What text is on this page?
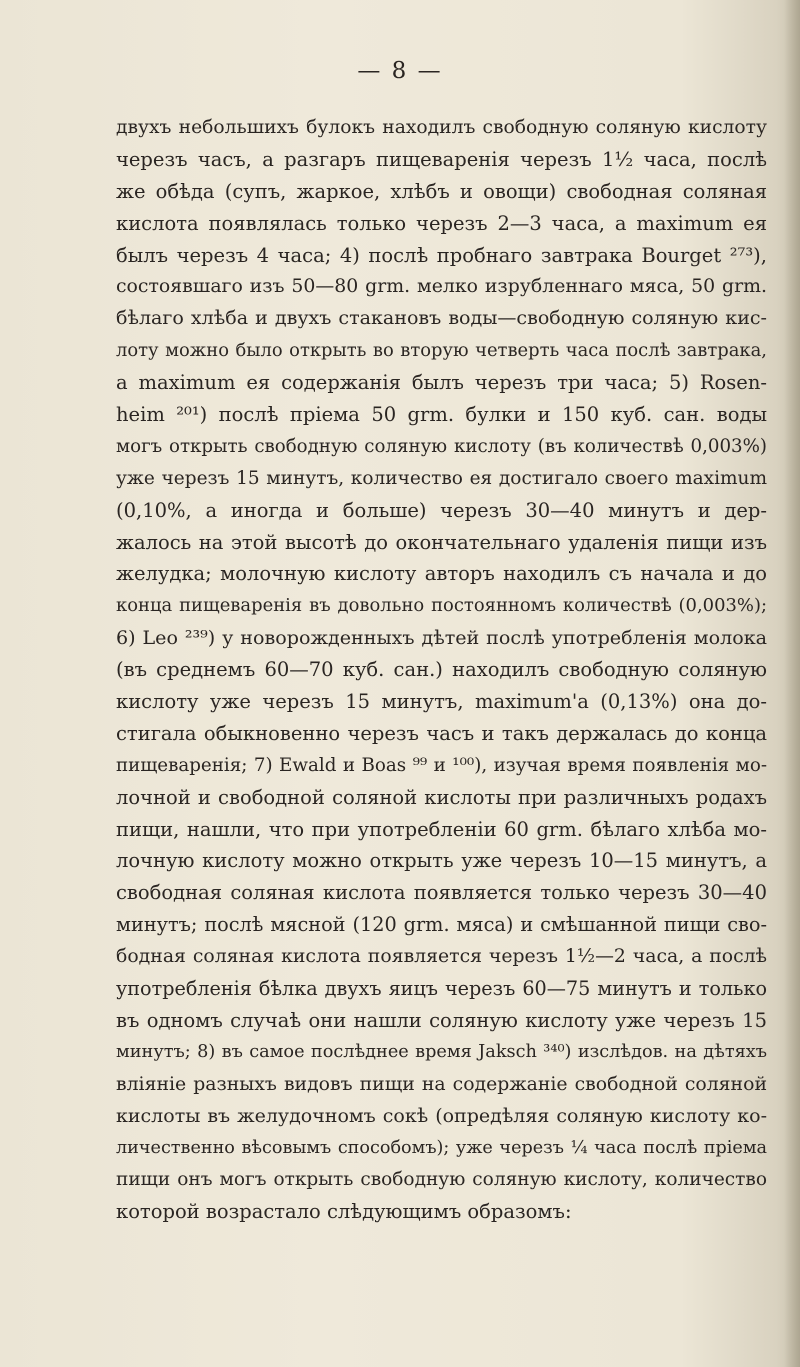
— 8 —
двухъ небольшихъ булокъ находилъ свободную соляную кислоту
черезъ часъ, а разгаръ пищеваренія черезъ 1½ часа, послѣ
же обѣда (супъ, жаркое, хлѣбъ и овощи) свободная соляная
кислота появлялась только черезъ 2—3 часа, а maximum ея
былъ черезъ 4 часа; 4) послѣ пробнаго завтрака Bourget ²⁷³),
состоявшаго изъ 50—80 grm. мелко изрубленнаго мяса, 50 grm.
бѣлаго хлѣба и двухъ стакановъ воды—свободную соляную кис-
лоту можно было открыть во вторую четверть часа послѣ завтрака,
а maximum ея содержанія былъ черезъ три часа; 5) Rosen-
heim ²⁰¹) послѣ пріема 50 grm. булки и 150 куб. сан. воды
могъ открыть свободную соляную кислоту (въ количествѣ 0,003%)
уже черезъ 15 минутъ, количество ея достигало своего maximum
(0,10%, а иногда и больше) черезъ 30—40 минутъ и дер-
жалось на этой высотѣ до окончательнаго удаленія пищи изъ
желудка; молочную кислоту авторъ находилъ съ начала и до
конца пищеваренія въ довольно постоянномъ количествѣ (0,003%);
6) Leo ²³⁹) у новорожденныхъ дѣтей послѣ употребленія молока
(въ среднемъ 60—70 куб. сан.) находилъ свободную соляную
кислоту уже черезъ 15 минутъ, maximum'а (0,13%) она до-
стигала обыкновенно черезъ часъ и такъ держалась до конца
пищеваренія; 7) Ewald и Boas ⁹⁹ и ¹⁰⁰), изучая время появленія мо-
лочной и свободной соляной кислоты при различныхъ родахъ
пищи, нашли, что при употребленіи 60 grm. бѣлаго хлѣба мо-
лочную кислоту можно открыть уже черезъ 10—15 минутъ, а
свободная соляная кислота появляется только черезъ 30—40
минутъ; послѣ мясной (120 grm. мяса) и смѣшанной пищи сво-
бодная соляная кислота появляется черезъ 1½—2 часа, а послѣ
употребленія бѣлка двухъ яицъ черезъ 60—75 минутъ и только
въ одномъ случаѣ они нашли соляную кислоту уже черезъ 15
минутъ; 8) въ самое послѣднее время Jaksch ³⁴⁰) изслѣдов. на дѣтяхъ
вліяніе разныхъ видовъ пищи на содержаніе свободной соляной
кислоты въ желудочномъ сокѣ (опредѣляя соляную кислоту ко-
личественно вѣсовымъ способомъ); уже черезъ ¼ часа послѣ пріема
пищи онъ могъ открыть свободную соляную кислоту, количество
которой возрастало слѣдующимъ образомъ:
